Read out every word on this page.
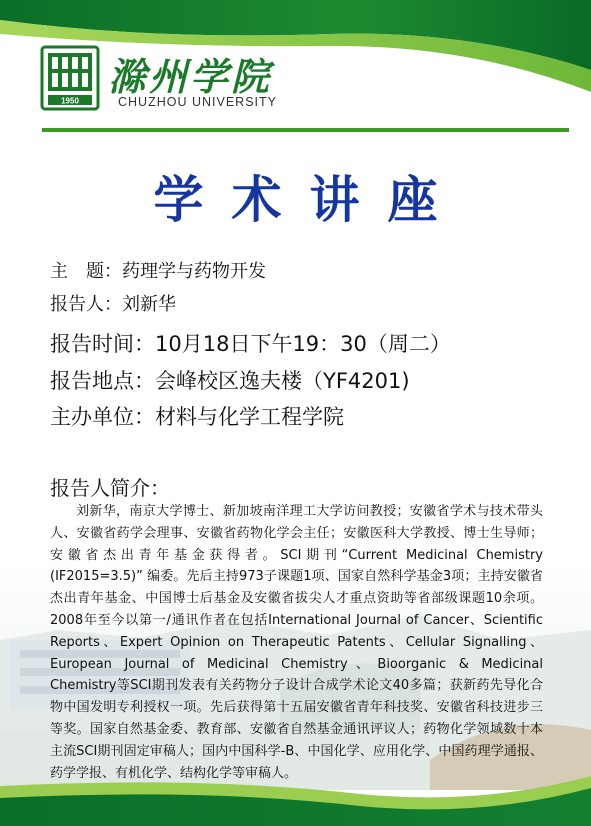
1950
滁州学院
CHUZHOU UNIVERSITY
学术讲座
主　题：药理学与药物开发
报告人：刘新华
报告时间：10月18日下午19：30（周二）
报告地点：会峰校区逸夫楼（YF4201)
主办单位：材料与化学工程学院
报告人简介：
刘新华，南京大学博士、新加坡南洋理工大学访问教授；安徽省学术与技术带头人、安徽省药学会理事、安徽省药物化学会主任；安徽医科大学教授、博士生导师；安徽省杰出青年基金获得者。SCI期刊“Current Medicinal Chemistry (IF2015=3.5)” 编委。先后主持973子课题1项、国家自然科学基金3项；主持安徽省杰出青年基金、中国博士后基金及安徽省拔尖人才重点资助等省部级课题10余项。2008年至今以第一/通讯作者在包括International Journal of Cancer、Scientific Reports、Expert Opinion on Therapeutic Patents、Cellular Signalling、European Journal of Medicinal Chemistry、Bioorganic & Medicinal Chemistry等SCI期刊发表有关药物分子设计合成学术论文40多篇；获新药先导化合物中国发明专利授权一项。先后获得第十五届安徽省青年科技奖、安徽省科技进步三等奖。国家自然基金委、教育部、安徽省自然基金通讯评议人；药物化学领域数十本主流SCI期刊固定审稿人；国内中国科学-B、中国化学、应用化学、中国药理学通报、药学学报、有机化学、结构化学等审稿人。
